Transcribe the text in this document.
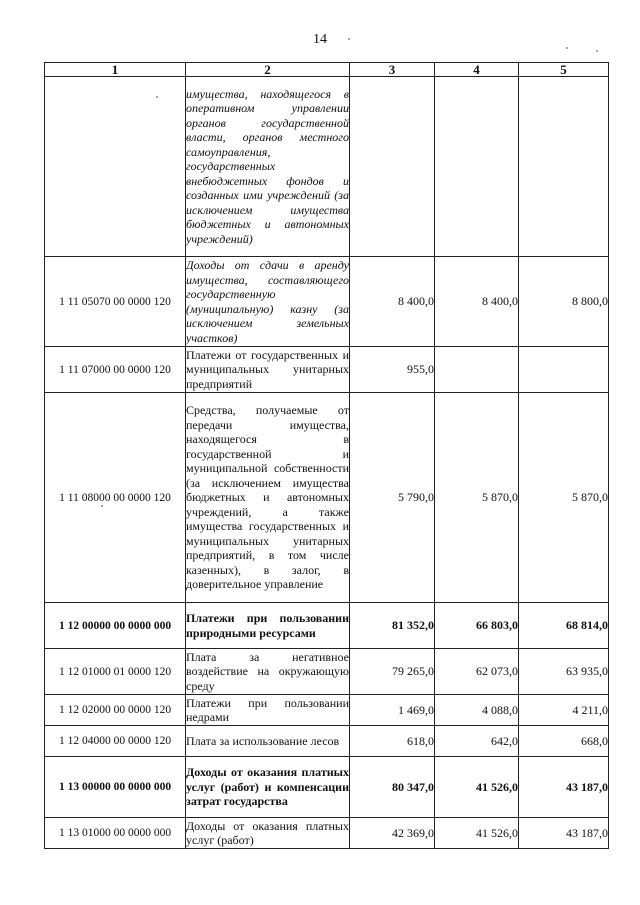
14
1	2	3	4	5
	имущества, находящегося в оперативном управлении органов государственной власти, органов местного самоуправления, государственных внебюджетных фондов и созданных ими учреждений (за исключением имущества бюджетных и автономных учреждений)			
1 11 05070 00 0000 120	Доходы от сдачи в аренду имущества, составляющего государственную (муниципальную) казну (за исключением земельных участков)	8 400,0	8 400,0	8 800,0
1 11 07000 00 0000 120	Платежи от государственных и муниципальных унитарных предприятий	955,0		
1 11 08000 00 0000 120	Средства, получаемые от передачи имущества, находящегося в государственной и муниципальной собственности (за исключением имущества бюджетных и автономных учреждений, а также имущества государственных и муниципальных унитарных предприятий, в том числе казенных), в залог, в доверительное управление	5 790,0	5 870,0	5 870,0
1 12 00000 00 0000 000	Платежи при пользовании природными ресурсами	81 352,0	66 803,0	68 814,0
1 12 01000 01 0000 120	Плата за негативное воздействие на окружающую среду	79 265,0	62 073,0	63 935,0
1 12 02000 00 0000 120	Платежи при пользовании недрами	1 469,0	4 088,0	4 211,0
1 12 04000 00 0000 120	Плата за использование лесов	618,0	642,0	668,0
1 13 00000 00 0000 000	Доходы от оказания платных услуг (работ) и компенсации затрат государства	80 347,0	41 526,0	43 187,0
1 13 01000 00 0000 000	Доходы от оказания платных услуг (работ)	42 369,0	41 526,0	43 187,0
